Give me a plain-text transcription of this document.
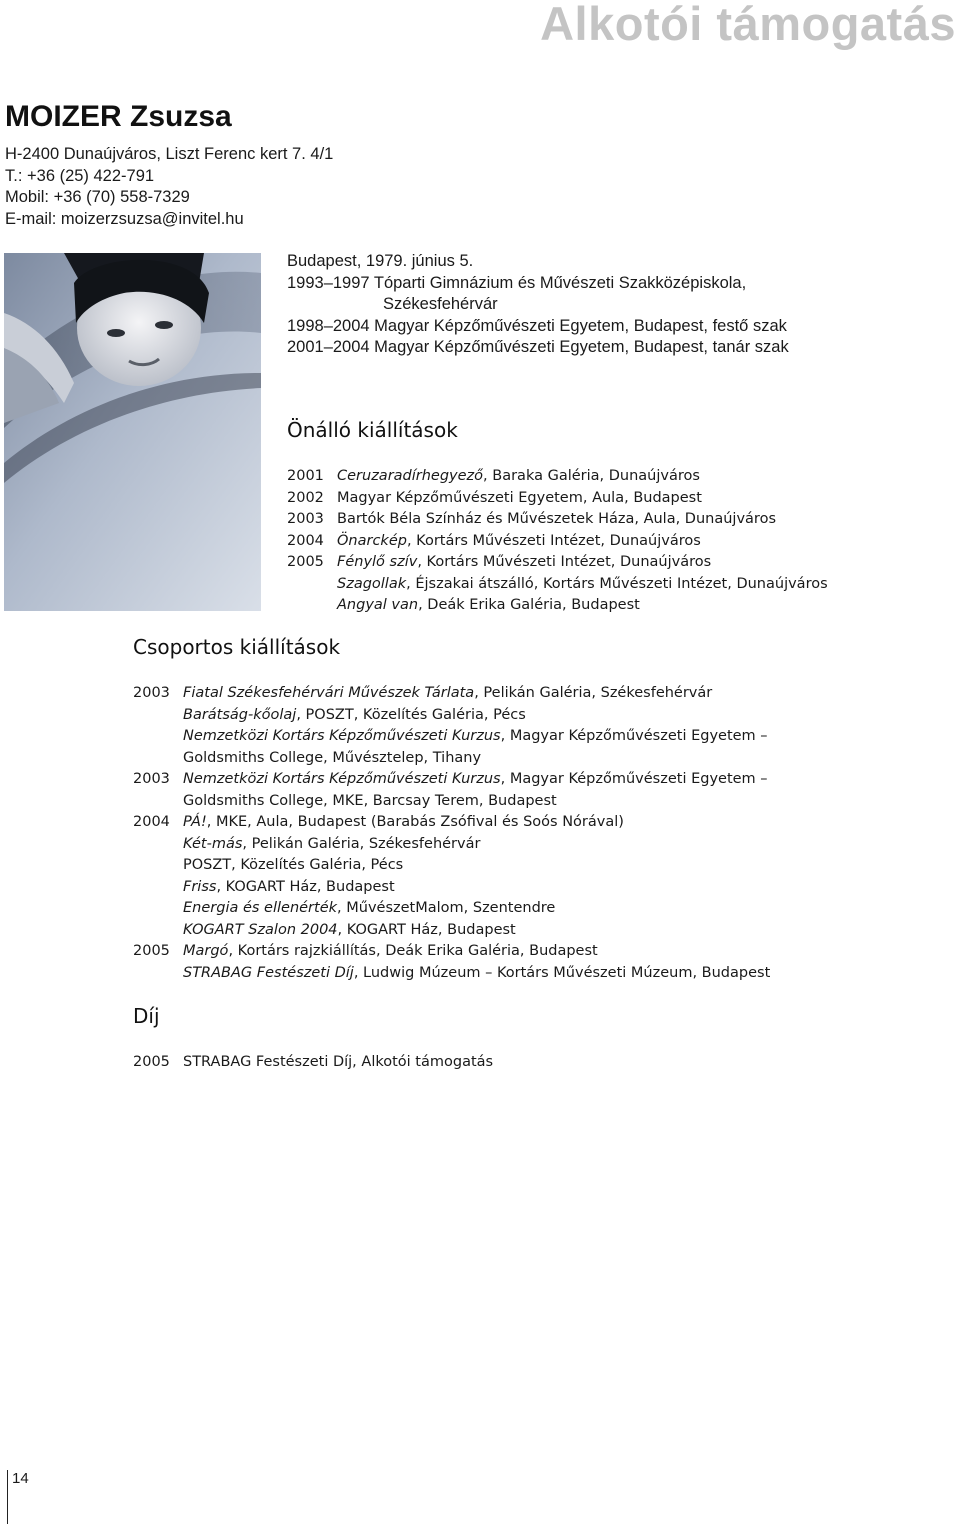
Alkotói támogatás
MOIZER Zsuzsa
H-2400 Dunaújváros, Liszt Ferenc kert 7. 4/1
T.: +36 (25) 422-791
Mobil: +36 (70) 558-7329
E-mail: moizerzsuzsa@invitel.hu
Budapest, 1979. június 5.
1993–1997 Tóparti Gimnázium és Művészeti Szakközépiskola,
Székesfehérvár
1998–2004 Magyar Képzőművészeti Egyetem, Budapest, festő szak
2001–2004 Magyar Képzőművészeti Egyetem, Budapest, tanár szak
Önálló kiállítások
2001 Ceruzaradírhegyező, Baraka Galéria, Dunaújváros
2002 Magyar Képzőművészeti Egyetem, Aula, Budapest
2003 Bartók Béla Színház és Művészetek Háza, Aula, Dunaújváros
2004 Önarckép, Kortárs Művészeti Intézet, Dunaújváros
2005 Fénylő szív, Kortárs Művészeti Intézet, Dunaújváros
Szagollak, Éjszakai átszálló, Kortárs Művészeti Intézet, Dunaújváros
Angyal van, Deák Erika Galéria, Budapest
Csoportos kiállítások
2003 Fiatal Székesfehérvári Művészek Tárlata, Pelikán Galéria, Székesfehérvár
Barátság-kőolaj, POSZT, Közelítés Galéria, Pécs
Nemzetközi Kortárs Képzőművészeti Kurzus, Magyar Képzőművészeti Egyetem – Goldsmiths College, Művésztelep, Tihany
2003 Nemzetközi Kortárs Képzőművészeti Kurzus, Magyar Képzőművészeti Egyetem – Goldsmiths College, MKE, Barcsay Terem, Budapest
2004 PÁ!, MKE, Aula, Budapest (Barabás Zsófival és Soós Nórával)
Két-más, Pelikán Galéria, Székesfehérvár
POSZT, Közelítés Galéria, Pécs
Friss, KOGART Ház, Budapest
Energia és ellenérték, MűvészetMalom, Szentendre
KOGART Szalon 2004, KOGART Ház, Budapest
2005 Margó, Kortárs rajzkiállítás, Deák Erika Galéria, Budapest
STRABAG Festészeti Díj, Ludwig Múzeum – Kortárs Művészeti Múzeum, Budapest
Díj
2005 STRABAG Festészeti Díj, Alkotói támogatás
14
